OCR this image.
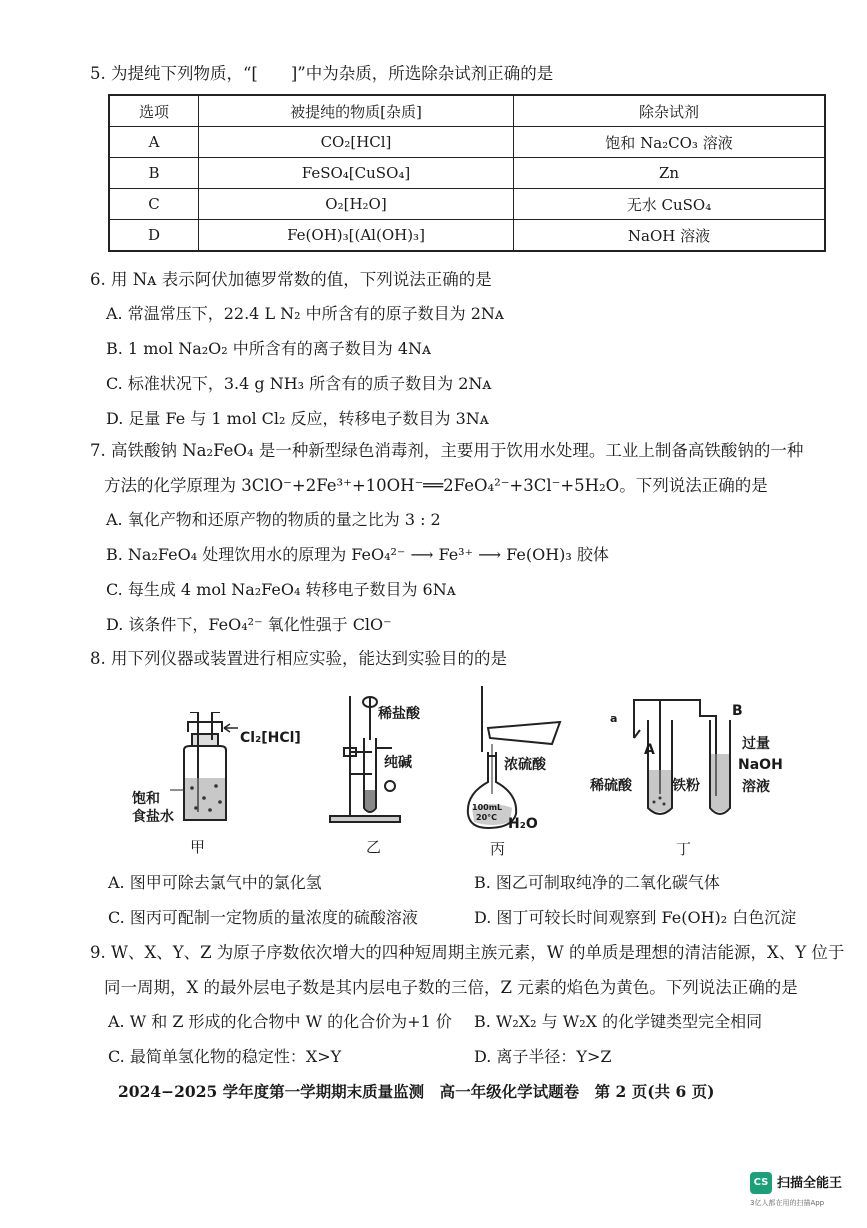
5. 为提纯下列物质，“[　　]”中为杂质，所选除杂试剂正确的是
选项	被提纯的物质[杂质]	除杂试剂
A	CO₂[HCl]	饱和 Na₂CO₃ 溶液
B	FeSO₄[CuSO₄]	Zn
C	O₂[H₂O]	无水 CuSO₄
D	Fe(OH)₃[(Al(OH)₃]	NaOH 溶液
6. 用 Nᴀ 表示阿伏加德罗常数的值，下列说法正确的是
A. 常温常压下，22.4 L N₂ 中所含有的原子数目为 2Nᴀ
B. 1 mol Na₂O₂ 中所含有的离子数目为 4Nᴀ
C. 标准状况下，3.4 g NH₃ 所含有的质子数目为 2Nᴀ
D. 足量 Fe 与 1 mol Cl₂ 反应，转移电子数目为 3Nᴀ
7. 高铁酸钠 Na₂FeO₄ 是一种新型绿色消毒剂，主要用于饮用水处理。工业上制备高铁酸钠的一种
方法的化学原理为 3ClO⁻+2Fe³⁺+10OH⁻══2FeO₄²⁻+3Cl⁻+5H₂O。下列说法正确的是
A. 氧化产物和还原产物的物质的量之比为 3 : 2
B. Na₂FeO₄ 处理饮用水的原理为 FeO₄²⁻ ⟶ Fe³⁺ ⟶ Fe(OH)₃ 胶体
C. 每生成 4 mol Na₂FeO₄ 转移电子数目为 6Nᴀ
D. 该条件下，FeO₄²⁻ 氧化性强于 ClO⁻
8. 用下列仪器或装置进行相应实验，能达到实验目的的是
Cl₂[HCl]
饱和
食盐水
稀盐酸
纯碱	浓硫酸
100mL
20°C H₂O
a
A
B
稀硫酸	铁粉
过量
NaOH
溶液
甲	乙	丙	丁
A. 图甲可除去氯气中的氯化氢	B. 图乙可制取纯净的二氧化碳气体
C. 图丙可配制一定物质的量浓度的硫酸溶液	D. 图丁可较长时间观察到 Fe(OH)₂ 白色沉淀
9. W、X、Y、Z 为原子序数依次增大的四种短周期主族元素，W 的单质是理想的清洁能源，X、Y 位于
同一周期，X 的最外层电子数是其内层电子数的三倍，Z 元素的焰色为黄色。下列说法正确的是
A. W 和 Z 形成的化合物中 W 的化合价为+1 价 B. W₂X₂ 与 W₂X 的化学键类型完全相同
C. 最简单氢化物的稳定性：X>Y	D. 离子半径：Y>Z
2024−2025 学年度第一学期期末质量监测　高一年级化学试题卷　第 2 页(共 6 页)
CS 扫描全能王
3亿人都在用的扫描App
